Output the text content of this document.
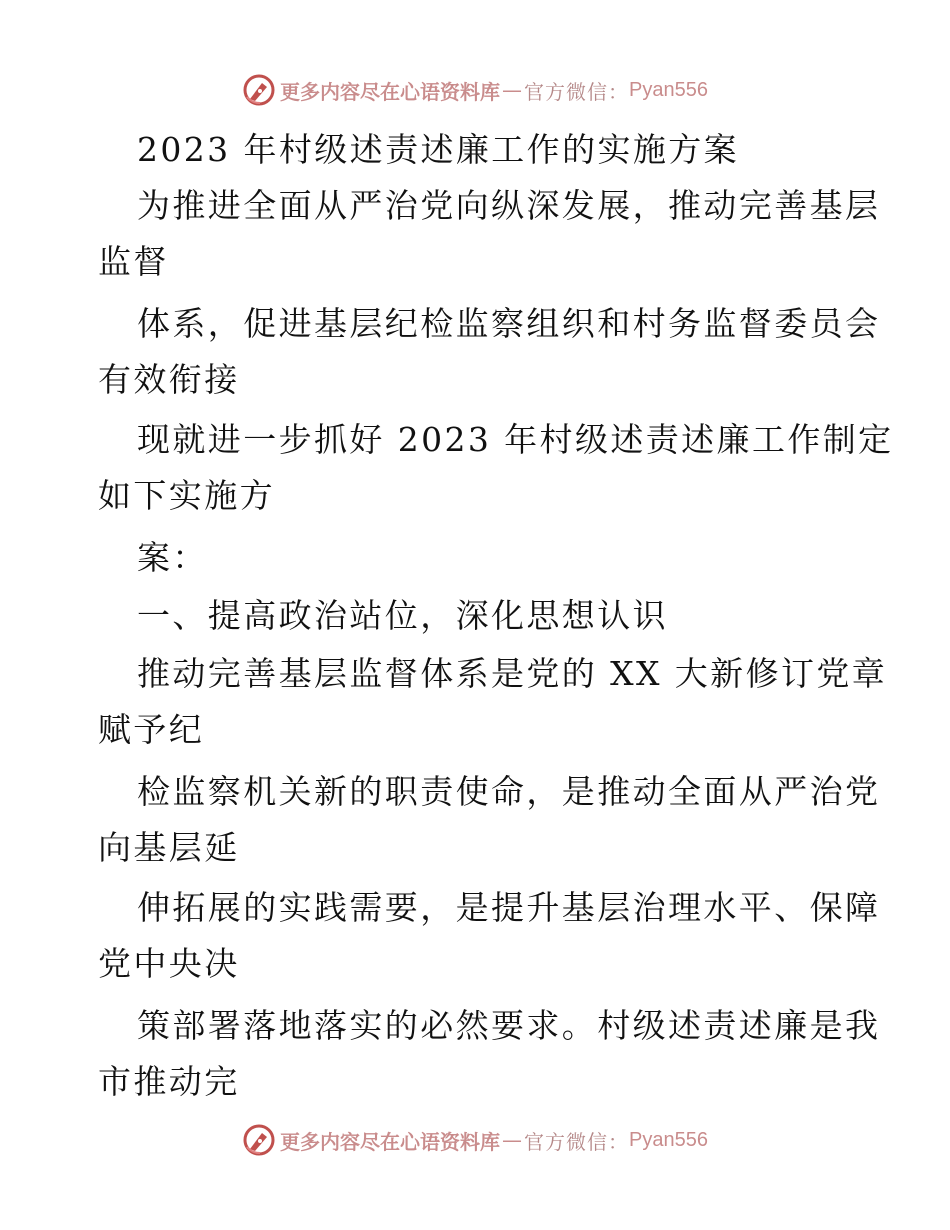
更多内容尽在心语资料库 — 官方微信： Pyan556
2023 年村级述责述廉工作的实施方案
为推进全面从严治党向纵深发展，推动完善基层
监督
体系，促进基层纪检监察组织和村务监督委员会
有效衔接
现就进一步抓好 2023 年村级述责述廉工作制定
如下实施方
案：
一、提高政治站位，深化思想认识
推动完善基层监督体系是党的 XX 大新修订党章
赋予纪
检监察机关新的职责使命，是推动全面从严治党
向基层延
伸拓展的实践需要，是提升基层治理水平、保障
党中央决
策部署落地落实的必然要求。村级述责述廉是我
市推动完
更多内容尽在心语资料库 — 官方微信： Pyan556
